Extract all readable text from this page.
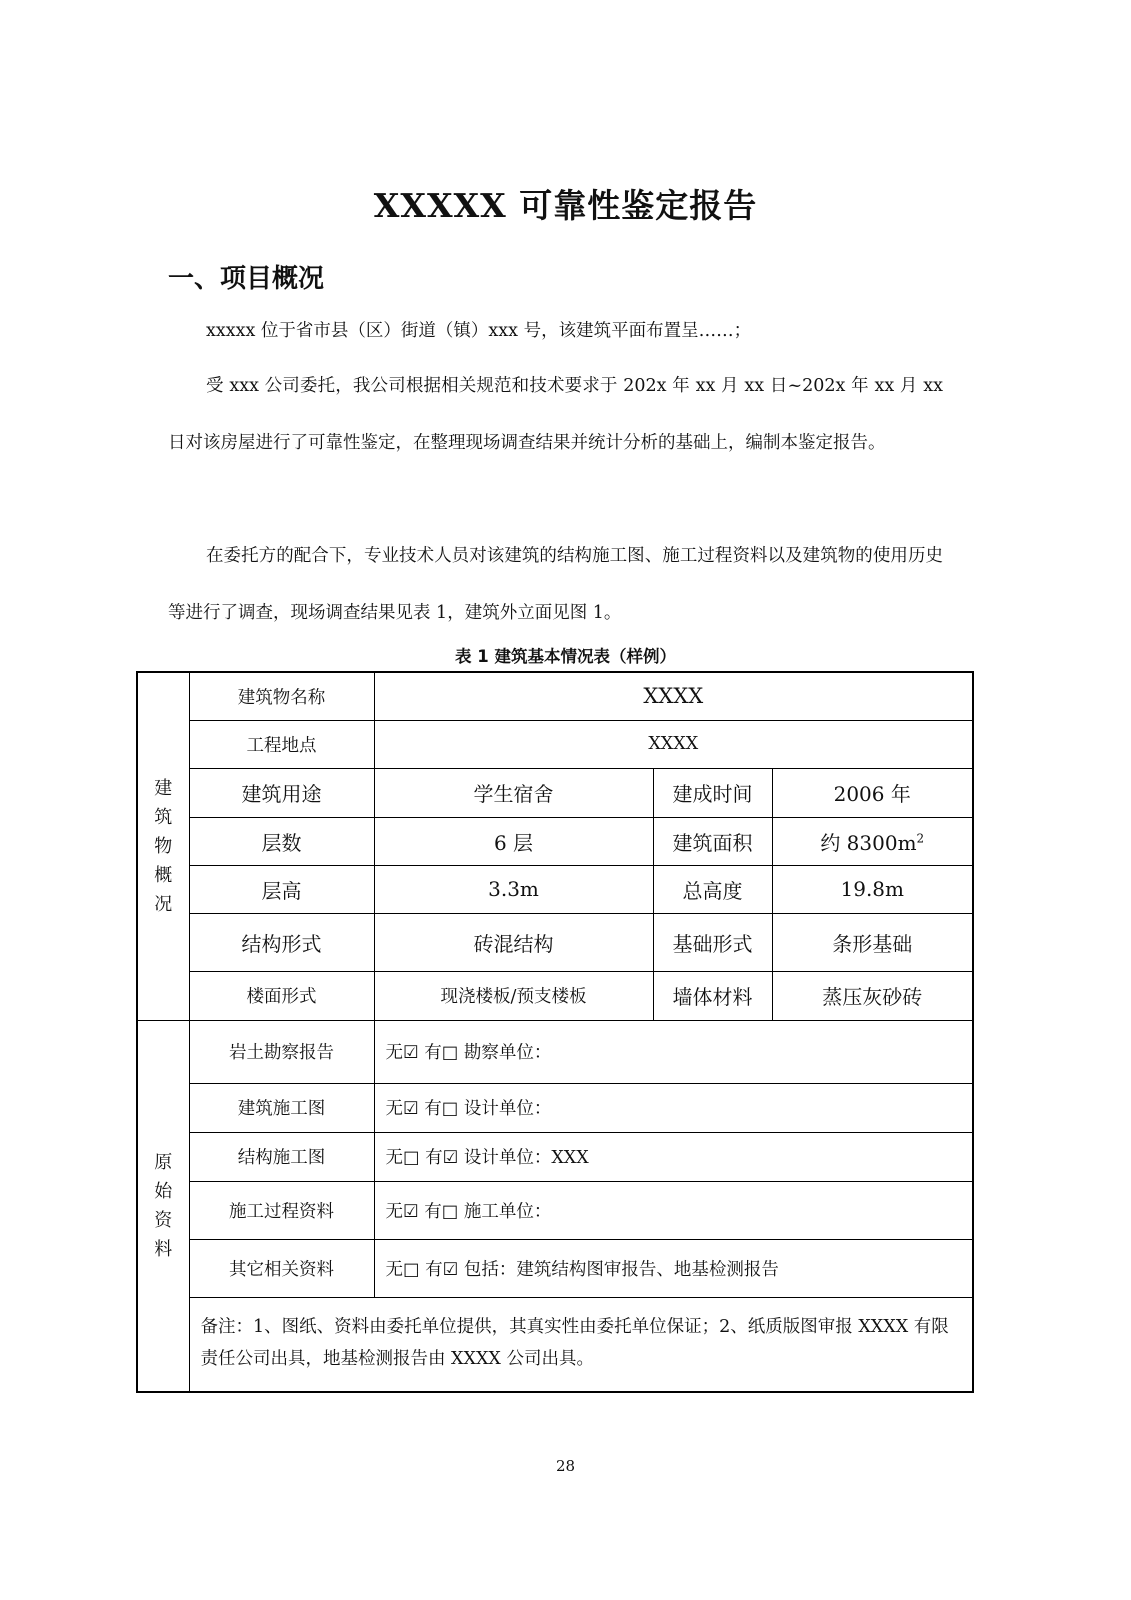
XXXXX 可靠性鉴定报告
一、项目概况

xxxxx 位于省市县（区）街道（镇）xxx 号，该建筑平面布置呈……；

受 xxx 公司委托，我公司根据相关规范和技术要求于 202x 年 xx 月 xx 日~202x 年 xx 月 xx 日对该房屋进行了可靠性鉴定，在整理现场调查结果并统计分析的基础上，编制本鉴定报告。

在委托方的配合下，专业技术人员对该建筑的结构施工图、施工过程资料以及建筑物的使用历史等进行了调查，现场调查结果见表 1，建筑外立面见图 1。

表 1 建筑基本情况表（样例）
建
筑
物
概
况	建筑物名称	XXXX		
	工程地点	XXXX		
	建筑用途	学生宿舍	建成时间	2006 年
	层数	6 层	建筑面积	约 $8300m^2$
	层高	3.3m	总高度	19.8m
	结构形式	砖混结构	基础形式	条形基础
	楼面形式	现浇楼板/预支楼板	墙体材料	蒸压灰砂砖

原
始
资
料	岩土勘察报告	无☑ 有□ 勘察单位：		
	建筑施工图	无☑ 有□ 设计单位：		
	结构施工图	无□ 有☑ 设计单位：XXX		
	施工过程资料	无☑ 有□ 施工单位：		
	其它相关资料	无□ 有☑ 包括：建筑结构图审报告、地基检测报告		
	备注：1、图纸、资料由委托单位提供，其真实性由委托单位保证；2、纸质版图审报 XXXX 有限责任公司出具，地基检测报告由 XXXX 公司出具。			
28
